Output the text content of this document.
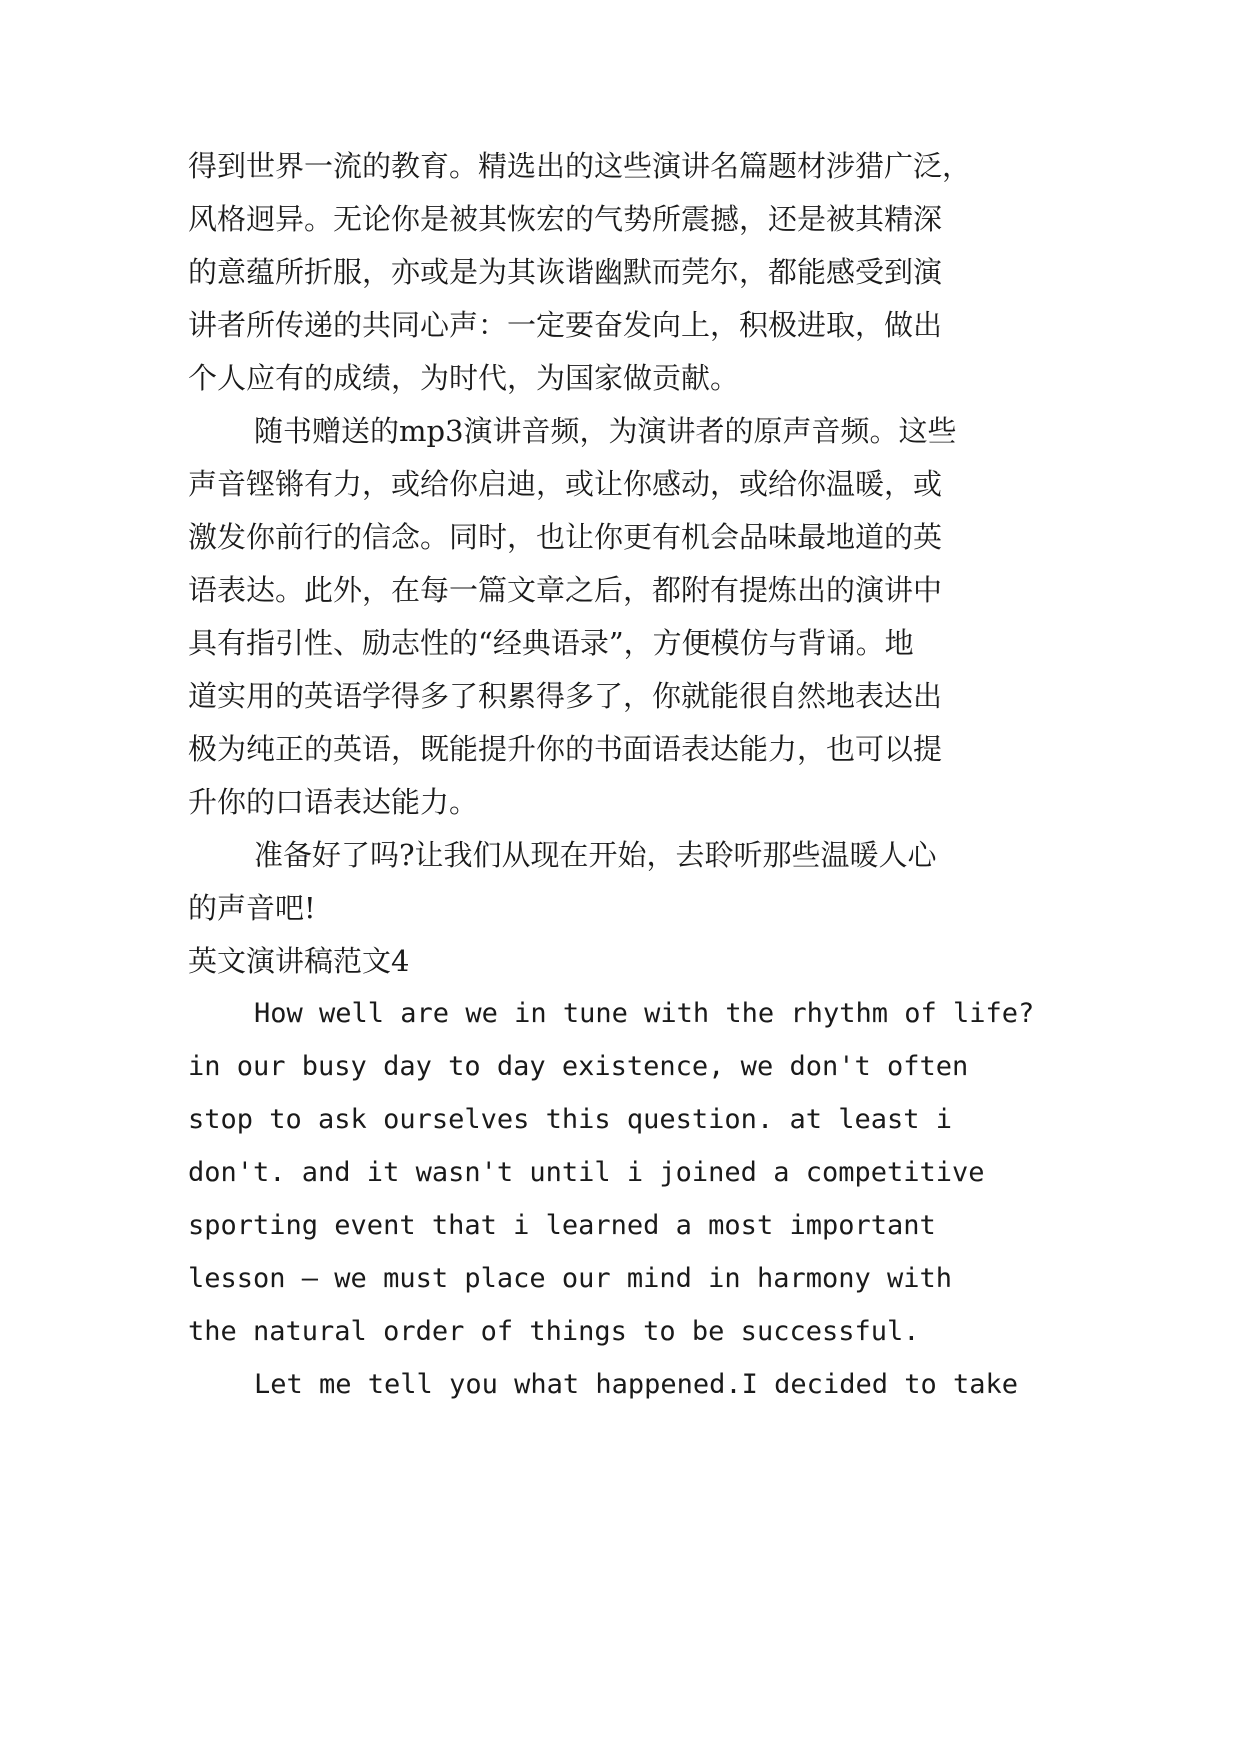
得到世界一流的教育。精选出的这些演讲名篇题材涉猎广泛，
风格迥异。无论你是被其恢宏的气势所震撼，还是被其精深
的意蕴所折服，亦或是为其诙谐幽默而莞尔，都能感受到演
讲者所传递的共同心声：一定要奋发向上，积极进取，做出
个人应有的成绩，为时代，为国家做贡献。
随书赠送的mp3演讲音频，为演讲者的原声音频。这些
声音铿锵有力，或给你启迪，或让你感动，或给你温暖，或
激发你前行的信念。同时，也让你更有机会品味最地道的英
语表达。此外，在每一篇文章之后，都附有提炼出的演讲中
具有指引性、励志性的“经典语录”，方便模仿与背诵。地
道实用的英语学得多了积累得多了，你就能很自然地表达出
极为纯正的英语，既能提升你的书面语表达能力，也可以提
升你的口语表达能力。
准备好了吗?让我们从现在开始，去聆听那些温暖人心
的声音吧!
英文演讲稿范文4
How well are we in tune with the rhythm of life?
in our busy day to day existence, we don't often
stop to ask ourselves this question. at least i
don't. and it wasn't until i joined a competitive
sporting event that i learned a most important
lesson – we must place our mind in harmony with
the natural order of things to be successful.
Let me tell you what happened.I decided to take
